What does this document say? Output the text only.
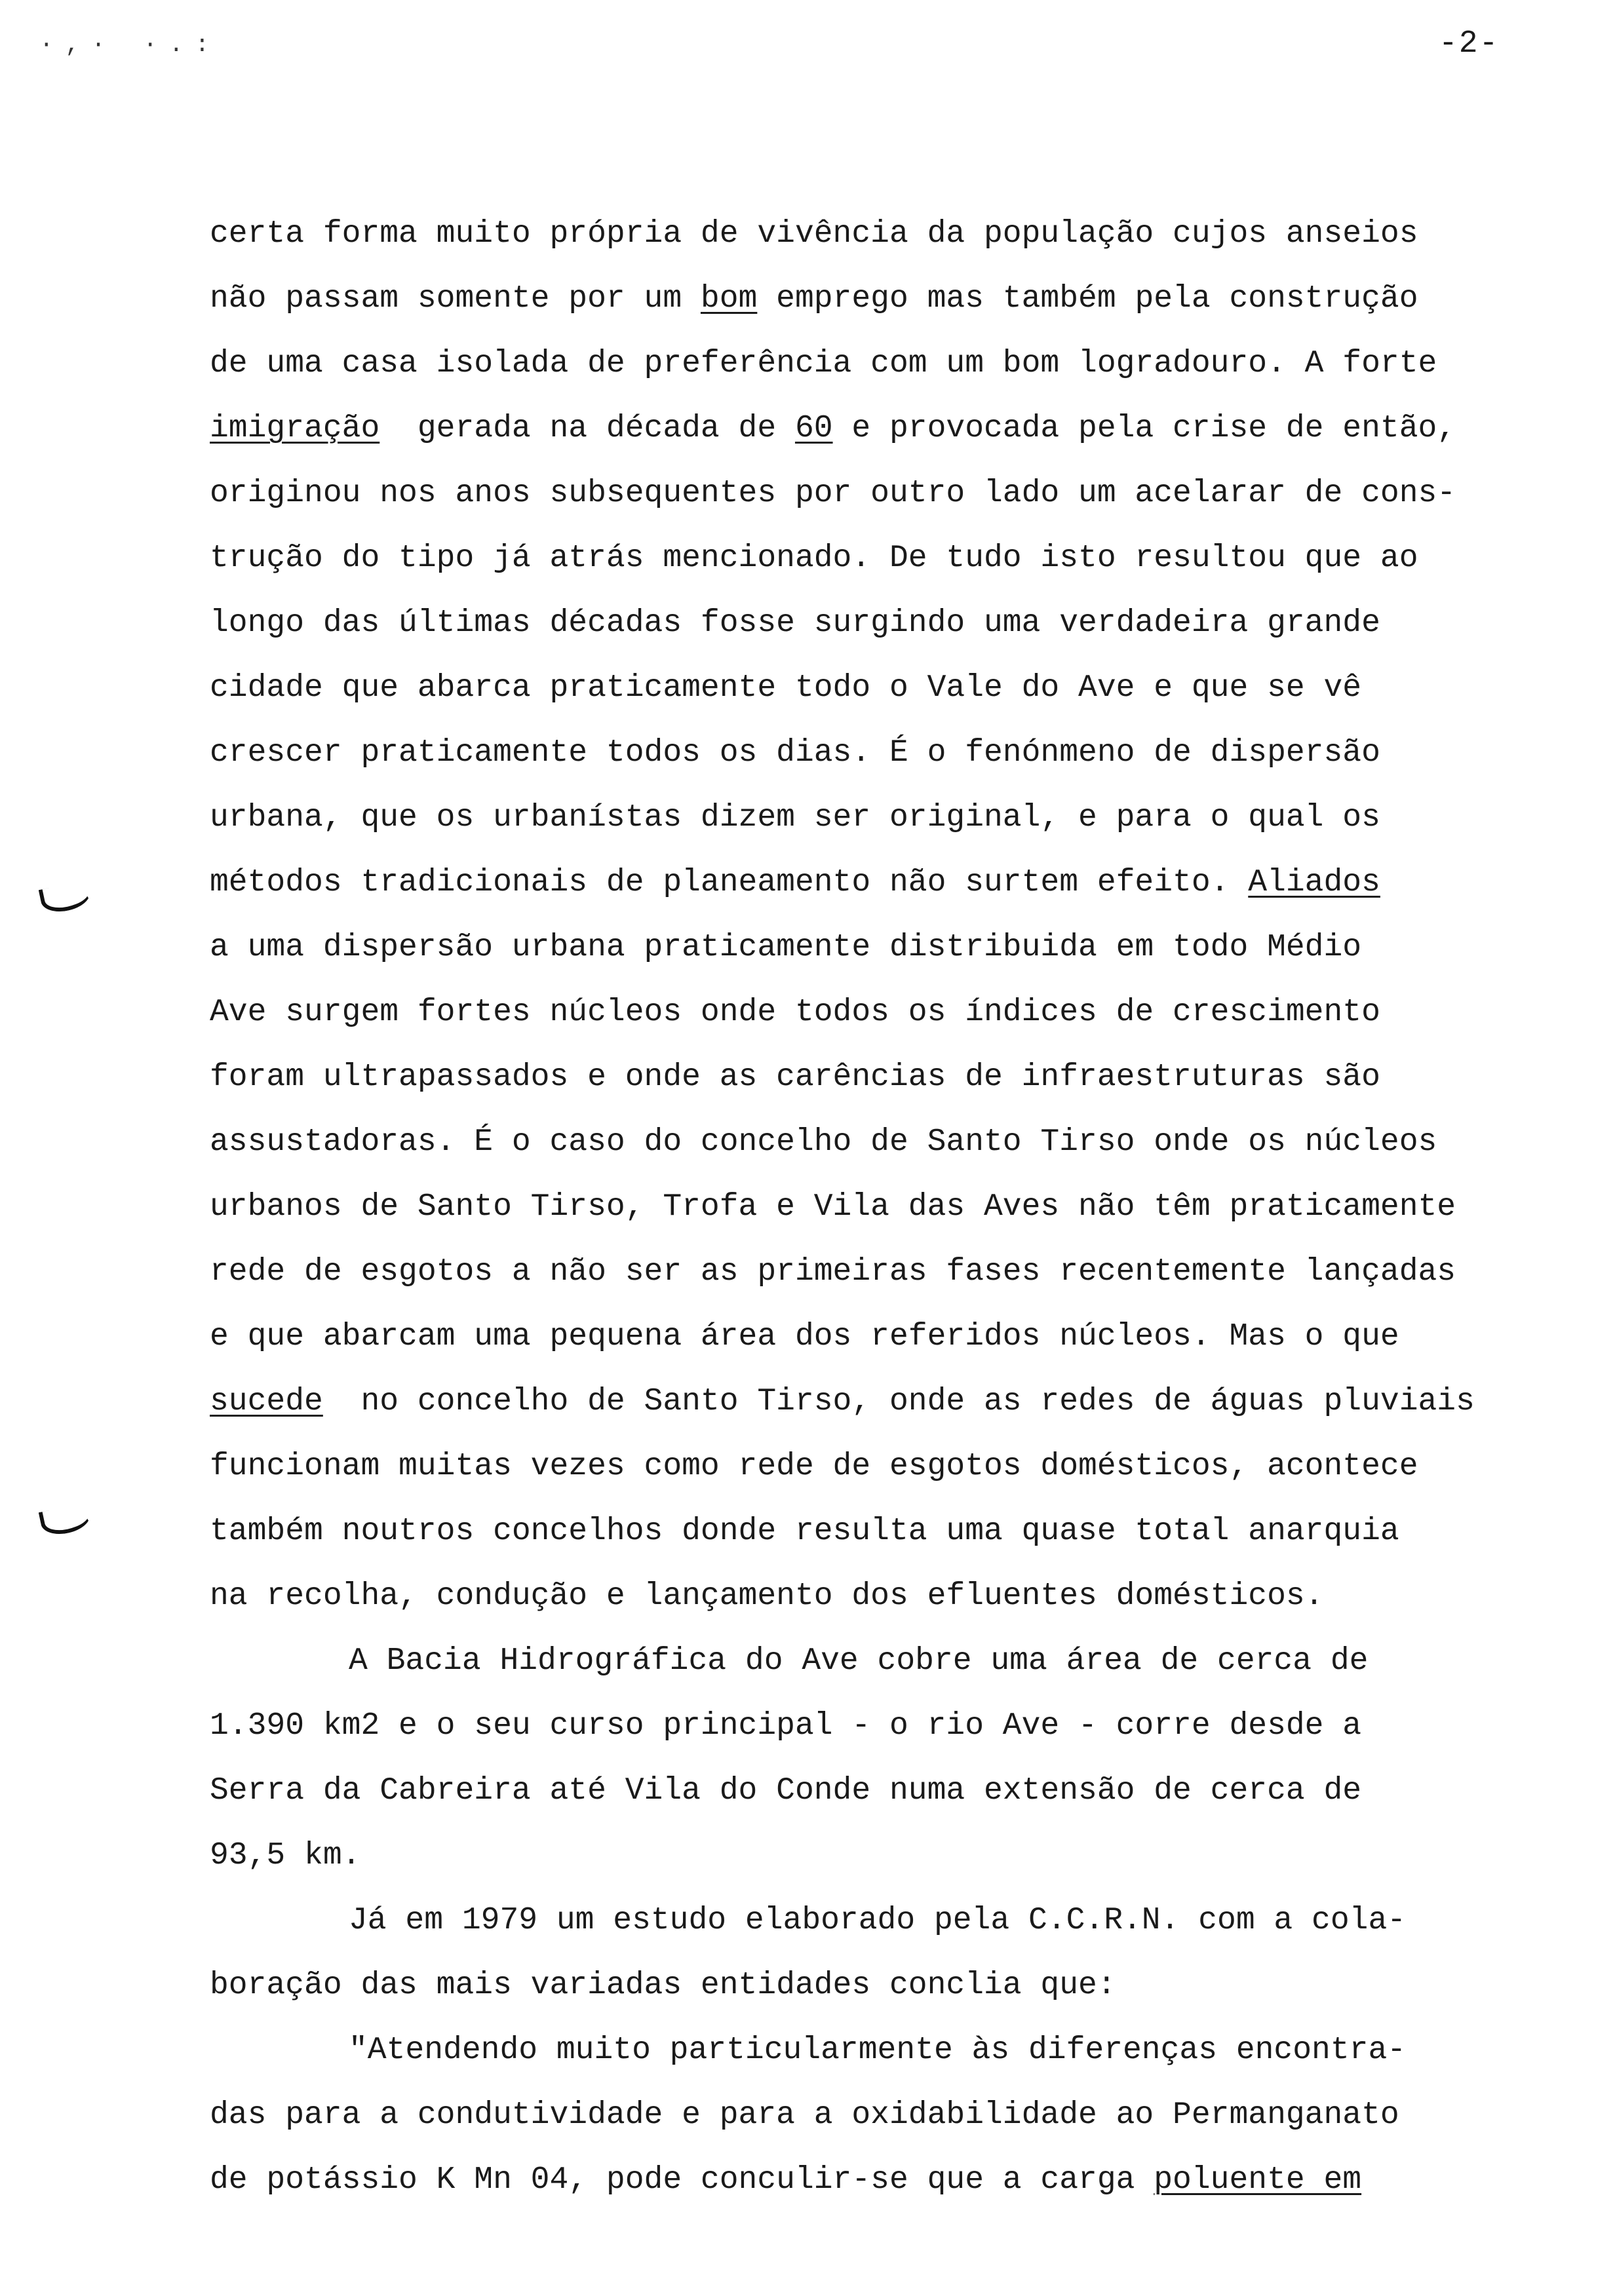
·,· ·.:	-2-
certa forma muito própria de vivência da população cujos anseios
não passam somente por um bom emprego mas também pela construção
de uma casa isolada de preferência com um bom logradouro. A forte
imigração  gerada na década de 60 e provocada pela crise de então,
originou nos anos subsequentes por outro lado um acelarar de cons-
trução do tipo já atrás mencionado. De tudo isto resultou que ao
longo das últimas décadas fosse surgindo uma verdadeira grande
cidade que abarca praticamente todo o Vale do Ave e que se vê
crescer praticamente todos os dias. É o fenónmeno de dispersão
urbana, que os urbanístas dizem ser original, e para o qual os
métodos tradicionais de planeamento não surtem efeito. Aliados
a uma dispersão urbana praticamente distribuida em todo Médio
Ave surgem fortes núcleos onde todos os índices de crescimento
foram ultrapassados e onde as carências de infraestruturas são
assustadoras. É o caso do concelho de Santo Tirso onde os núcleos
urbanos de Santo Tirso, Trofa e Vila das Aves não têm praticamente
rede de esgotos a não ser as primeiras fases recentemente lançadas
e que abarcam uma pequena área dos referidos núcleos. Mas o que
sucede  no concelho de Santo Tirso, onde as redes de águas pluviais
funcionam muitas vezes como rede de esgotos domésticos, acontece
também noutros concelhos donde resulta uma quase total anarquia
na recolha, condução e lançamento dos efluentes domésticos.
A Bacia Hidrográfica do Ave cobre uma área de cerca de
1.390 km2 e o seu curso principal - o rio Ave - corre desde a
Serra da Cabreira até Vila do Conde numa extensão de cerca de
93,5 km.
Já em 1979 um estudo elaborado pela C.C.R.N. com a cola-
boração das mais variadas entidades conclia que:
"Atendendo muito particularmente às diferenças encontra-
das para a condutividade e para a oxidabilidade ao Permanganato
de potássio K Mn 04, pode conculir-se que a carga poluente em
